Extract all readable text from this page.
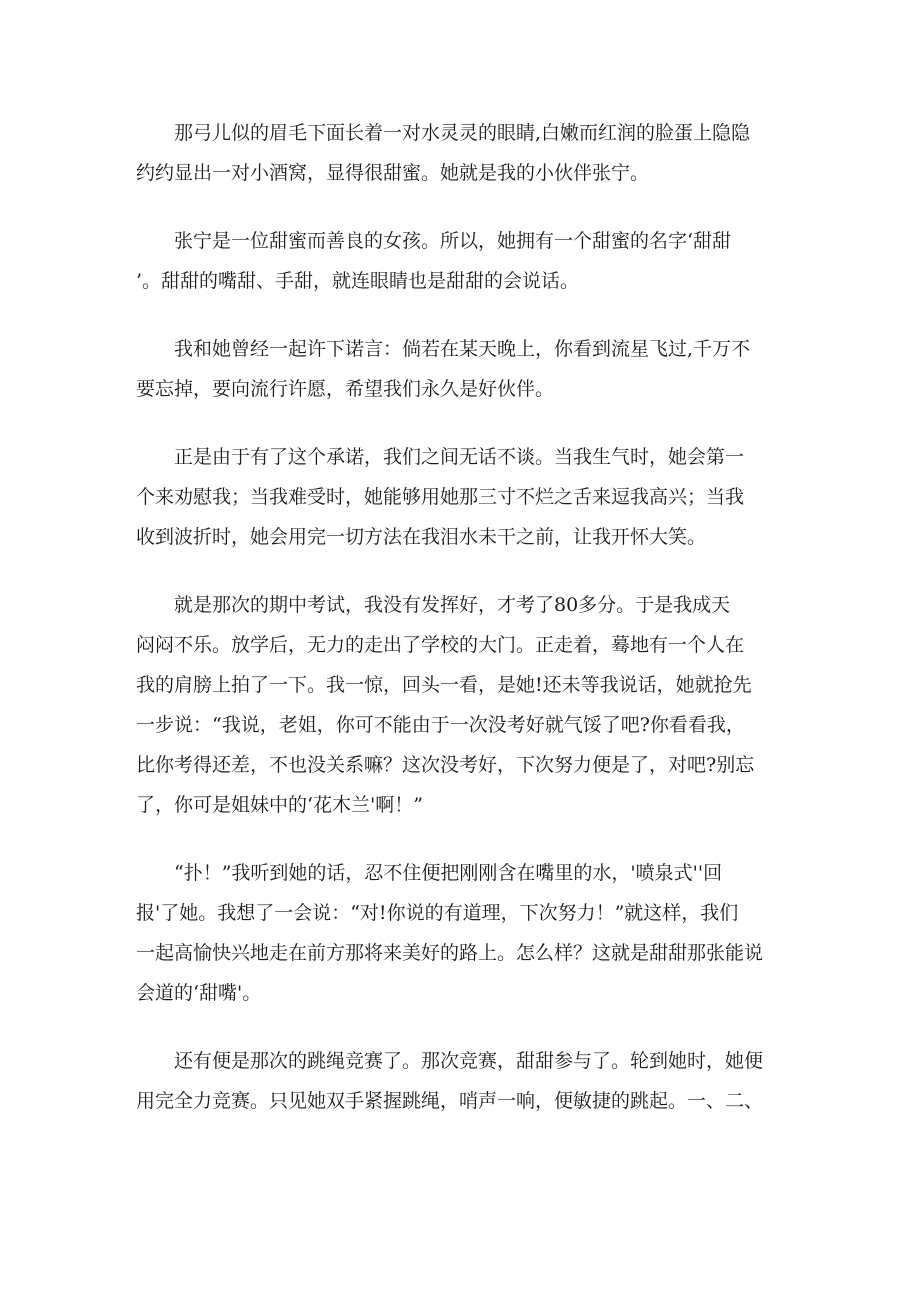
那弓儿似的眉毛下面长着一对水灵灵的眼睛,白嫩而红润的脸蛋上隐隐
约约显出一对小酒窝，显得很甜蜜。她就是我的小伙伴张宁。

张宁是一位甜蜜而善良的女孩。所以，她拥有一个甜蜜的名字‘甜甜
’。甜甜的嘴甜、手甜，就连眼睛也是甜甜的会说话。

我和她曾经一起许下诺言：倘若在某天晚上，你看到流星飞过,千万不
要忘掉，要向流行许愿，希望我们永久是好伙伴。

正是由于有了这个承诺，我们之间无话不谈。当我生气时，她会第一
个来劝慰我；当我难受时，她能够用她那三寸不烂之舌来逗我高兴；当我
收到波折时，她会用完一切方法在我泪水未干之前，让我开怀大笑。

就是那次的期中考试，我没有发挥好，才考了80多分。于是我成天
闷闷不乐。放学后，无力的走出了学校的大门。正走着，蓦地有一个人在
我的肩膀上拍了一下。我一惊，回头一看，是她!还未等我说话，她就抢先
一步说：“我说，老姐，你可不能由于一次没考好就气馁了吧?你看看我，
比你考得还差，不也没关系嘛？这次没考好，下次努力便是了，对吧?别忘
了，你可是姐妹中的‘花木兰'啊！”

“扑！”我听到她的话，忍不住便把刚刚含在嘴里的水，'喷泉式''回
报'了她。我想了一会说：“对!你说的有道理，下次努力！”就这样，我们
一起高愉快兴地走在前方那将来美好的路上。怎么样？这就是甜甜那张能说
会道的‘甜嘴'。

还有便是那次的跳绳竞赛了。那次竞赛，甜甜参与了。轮到她时，她便
用完全力竞赛。只见她双手紧握跳绳，哨声一响，便敏捷的跳起。一、二、
